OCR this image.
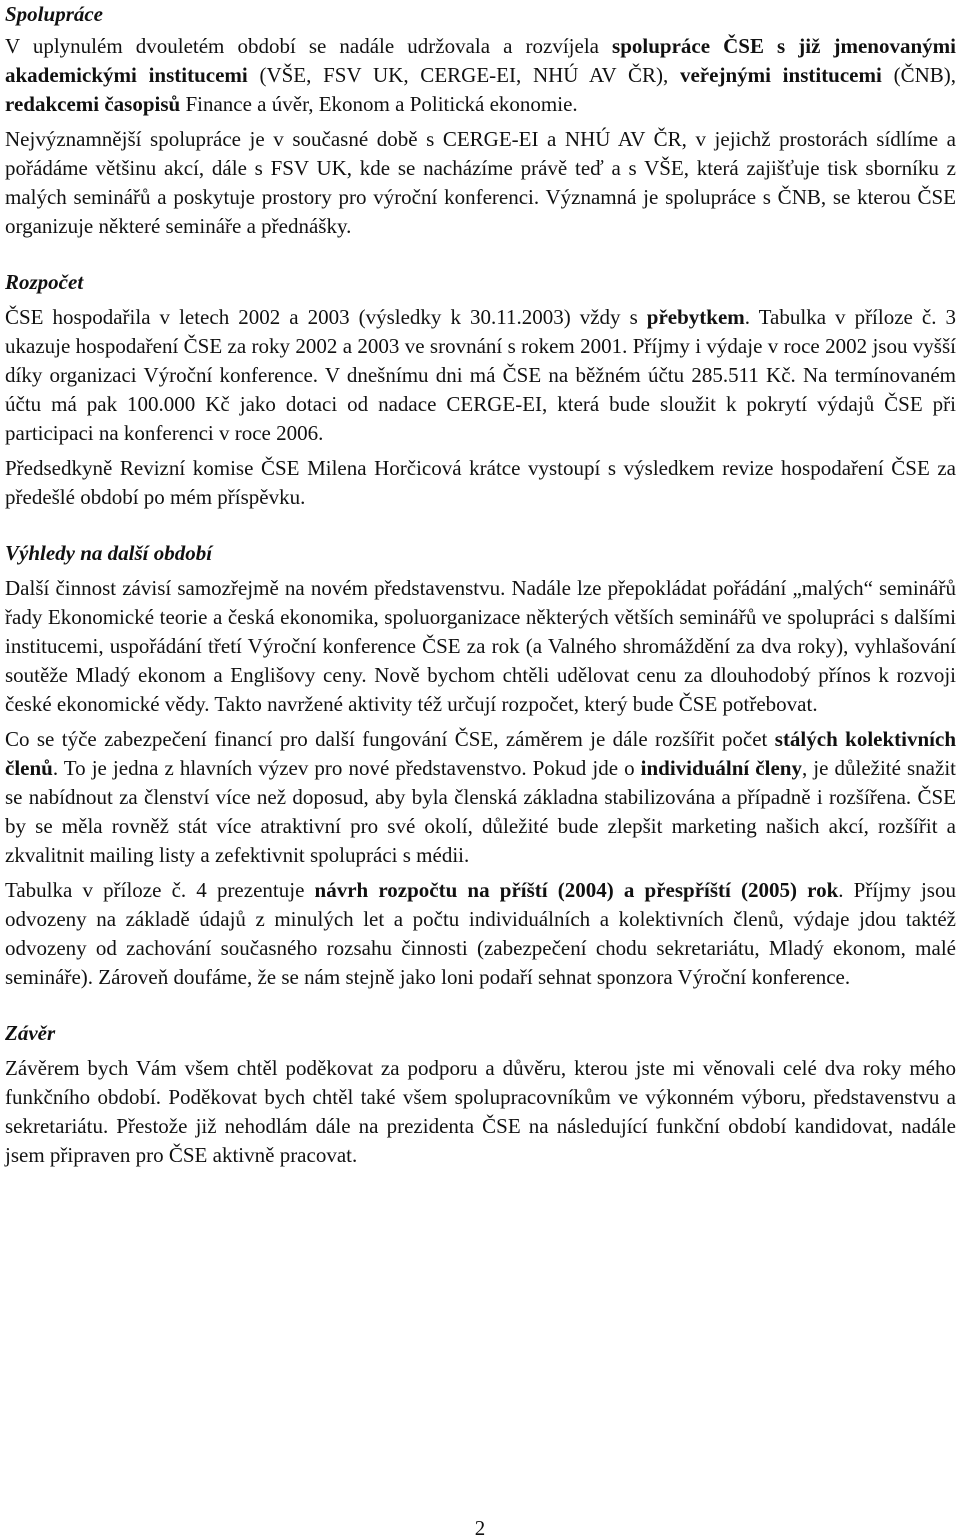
Spolupráce

V uplynulém dvouletém období se nadále udržovala a rozvíjela spolupráce ČSE s již jmenovanými akademickými institucemi (VŠE, FSV UK, CERGE-EI, NHÚ AV ČR), veřejnými institucemi (ČNB), redakcemi časopisů Finance a úvěr, Ekonom a Politická ekonomie.

Nejvýznamnější spolupráce je v současné době s CERGE-EI a NHÚ AV ČR, v jejichž prostorách sídlíme a pořádáme většinu akcí, dále s FSV UK, kde se nacházíme právě teď a s VŠE, která zajišťuje tisk sborníku z malých seminářů a poskytuje prostory pro výroční konferenci. Významná je spolupráce s ČNB, se kterou ČSE organizuje některé semináře a přednášky.

Rozpočet

ČSE hospodařila v letech 2002 a 2003 (výsledky k 30.11.2003) vždy s přebytkem. Tabulka v příloze č. 3 ukazuje hospodaření ČSE za roky 2002 a 2003 ve srovnání s rokem 2001. Příjmy i výdaje v roce 2002 jsou vyšší díky organizaci Výroční konference. V dnešnímu dni má ČSE na běžném účtu 285.511 Kč. Na termínovaném účtu má pak 100.000 Kč jako dotaci od nadace CERGE-EI, která bude sloužit k pokrytí výdajů ČSE při participaci na konferenci v roce 2006.

Předsedkyně Revizní komise ČSE Milena Horčicová krátce vystoupí s výsledkem revize hospodaření ČSE za předešlé období po mém příspěvku.

Výhledy na další období

Další činnost závisí samozřejmě na novém představenstvu. Nadále lze přepokládat pořádání „malých“ seminářů řady Ekonomické teorie a česká ekonomika, spoluorganizace některých větších seminářů ve spolupráci s dalšími institucemi, uspořádání třetí Výroční konference ČSE za rok (a Valného shromáždění za dva roky), vyhlašování soutěže Mladý ekonom a Englišovy ceny. Nově bychom chtěli udělovat cenu za dlouhodobý přínos k rozvoji české ekonomické vědy. Takto navržené aktivity též určují rozpočet, který bude ČSE potřebovat.

Co se týče zabezpečení financí pro další fungování ČSE, záměrem je dále rozšířit počet stálých kolektivních členů. To je jedna z hlavních výzev pro nové představenstvo. Pokud jde o individuální členy, je důležité snažit se nabídnout za členství více než doposud, aby byla členská základna stabilizována a případně i rozšířena. ČSE by se měla rovněž stát více atraktivní pro své okolí, důležité bude zlepšit marketing našich akcí, rozšířit a zkvalitnit mailing listy a zefektivnit spolupráci s médii.

Tabulka v příloze č. 4 prezentuje návrh rozpočtu na příští (2004) a přespříští (2005) rok. Příjmy jsou odvozeny na základě údajů z minulých let a počtu individuálních a kolektivních členů, výdaje jdou taktéž odvozeny od zachování současného rozsahu činnosti (zabezpečení chodu sekretariátu, Mladý ekonom, malé semináře). Zároveň doufáme, že se nám stejně jako loni podaří sehnat sponzora Výroční konference.

Závěr

Závěrem bych Vám všem chtěl poděkovat za podporu a důvěru, kterou jste mi věnovali celé dva roky mého funkčního období. Poděkovat bych chtěl také všem spolupracovníkům ve výkonném výboru, představenstvu a sekretariátu. Přestože již nehodlám dále na prezidenta ČSE na následující funkční období kandidovat, nadále jsem připraven pro ČSE aktivně pracovat.

2
